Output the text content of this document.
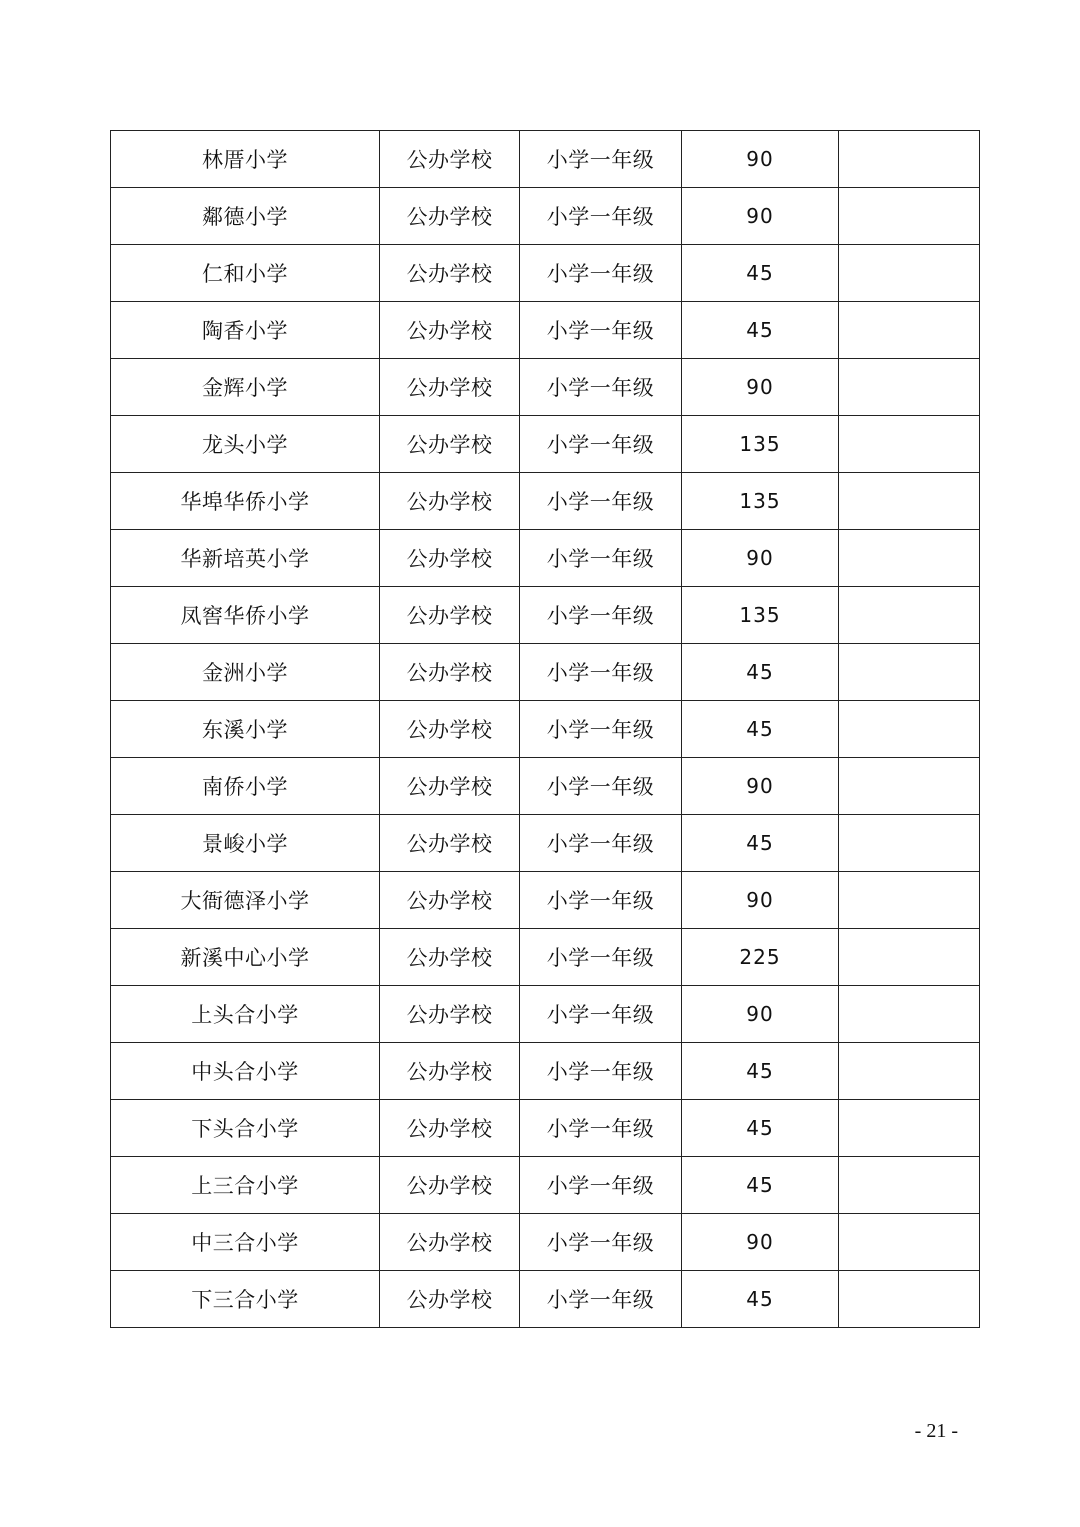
林厝小学	公办学校	小学一年级	90	
鄰德小学	公办学校	小学一年级	90	
仁和小学	公办学校	小学一年级	45	
陶香小学	公办学校	小学一年级	45	
金辉小学	公办学校	小学一年级	90	
龙头小学	公办学校	小学一年级	135	
华埠华侨小学	公办学校	小学一年级	135	
华新培英小学	公办学校	小学一年级	90	
凤窖华侨小学	公办学校	小学一年级	135	
金洲小学	公办学校	小学一年级	45	
东溪小学	公办学校	小学一年级	45	
南侨小学	公办学校	小学一年级	90	
景峻小学	公办学校	小学一年级	45	
大衙德泽小学	公办学校	小学一年级	90	
新溪中心小学	公办学校	小学一年级	225	
上头合小学	公办学校	小学一年级	90	
中头合小学	公办学校	小学一年级	45	
下头合小学	公办学校	小学一年级	45	
上三合小学	公办学校	小学一年级	45	
中三合小学	公办学校	小学一年级	90	
下三合小学	公办学校	小学一年级	45	
- 21 -
